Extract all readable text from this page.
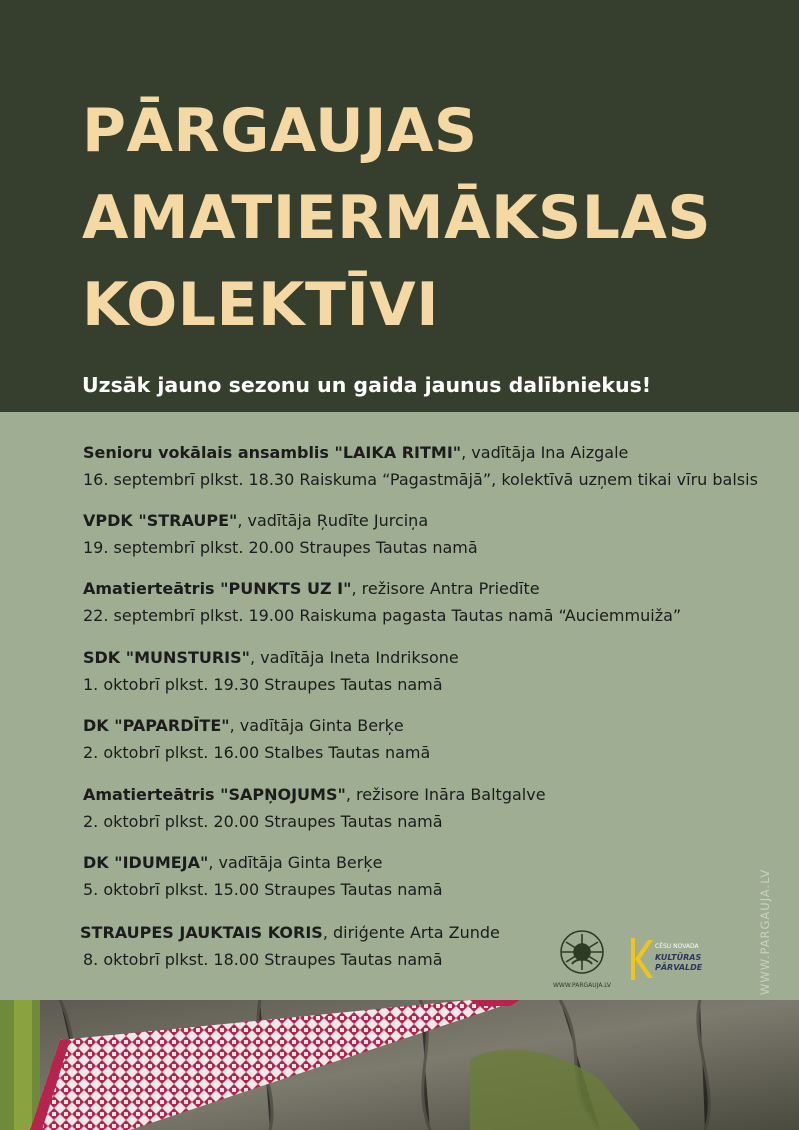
PĀRGAUJAS
AMATIERMĀKSLAS
KOLEKTĪVI
Uzsāk jauno sezonu un gaida jaunus dalībniekus!
Senioru vokālais ansamblis "LAIKA RITMI", vadītāja Ina Aizgale
16. septembrī plkst. 18.30 Raiskuma “Pagastmājā”, kolektīvā uzņem tikai vīru balsis
VPDK "STRAUPE", vadītāja Ŗudīte Jurciņa
19. septembrī plkst. 20.00 Straupes Tautas namā
Amatierteātris "PUNKTS UZ I", režisore Antra Priedīte
22. septembrī plkst. 19.00 Raiskuma pagasta Tautas namā “Auciemmuiža”
SDK "MUNSTURIS", vadītāja Ineta Indriksone
1. oktobrī plkst. 19.30 Straupes Tautas namā
DK "PAPARDĪTE", vadītāja Ginta Berķe
2. oktobrī plkst. 16.00 Stalbes Tautas namā
Amatierteātris "SAPŅOJUMS", režisore Ināra Baltgalve
2. oktobrī plkst. 20.00 Straupes Tautas namā
DK "IDUMEJA", vadītāja Ginta Berķe
5. oktobrī plkst. 15.00 Straupes Tautas namā
STRAUPES JAUKTAIS KORIS, diriģente Arta Zunde
8. oktobrī plkst. 18.00 Straupes Tautas namā	WWW.PARGAUJA.LV
WWW.PARGAUJA.LV
CĒSU NOVADA
KULTŪRAS
PĀRVALDE
